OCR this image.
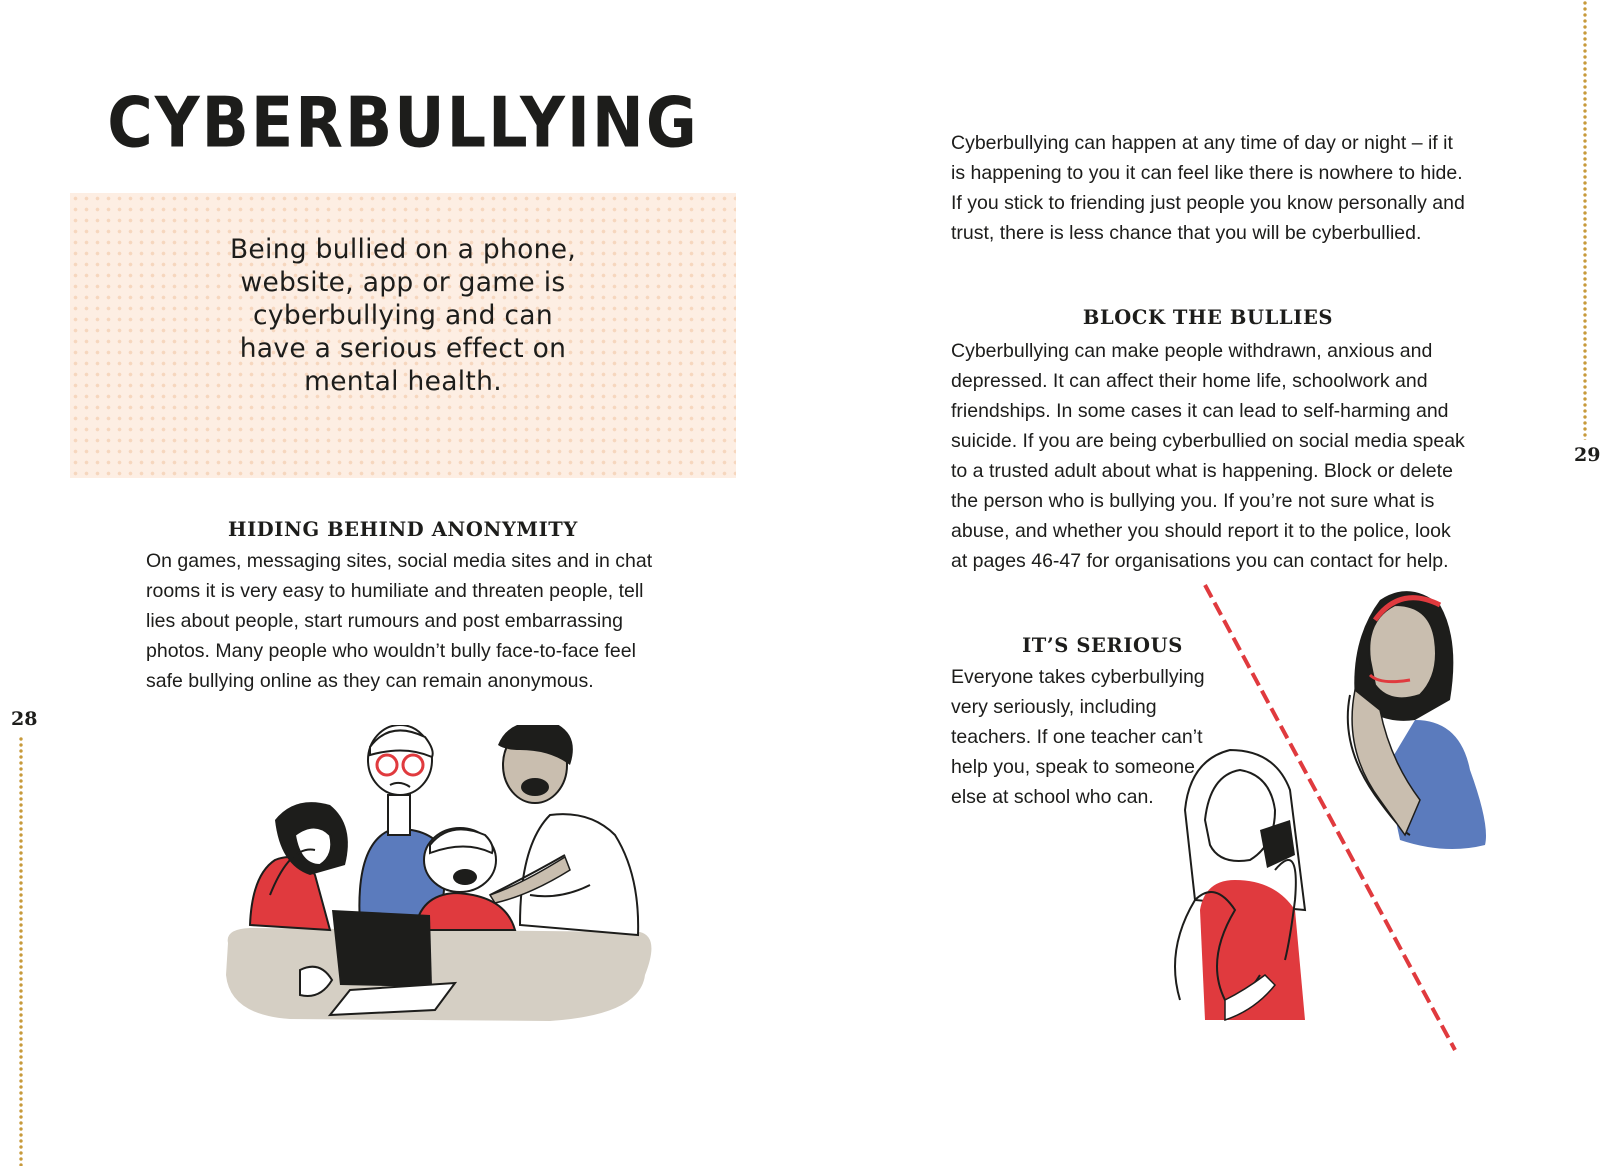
28
29
CYBERBULLYING

Being bullied on a phone, website, app or game is cyberbullying and can have a serious effect on mental health.

HIDING BEHIND ANONYMITY

On games, messaging sites, social media sites and in chat rooms it is very easy to humiliate and threaten people, tell lies about people, start rumours and post embarrassing photos. Many people who wouldn’t bully face-to-face feel safe bullying online as they can remain anonymous.

Cyberbullying can happen at any time of day or night – if it is happening to you it can feel like there is nowhere to hide. If you stick to friending just people you know personally and trust, there is less chance that you will be cyberbullied.

BLOCK THE BULLIES

Cyberbullying can make people withdrawn, anxious and depressed. It can affect their home life, schoolwork and friendships. In some cases it can lead to self-harming and suicide. If you are being cyberbullied on social media speak to a trusted adult about what is happening. Block or delete the person who is bullying you. If you’re not sure what is abuse, and whether you should report it to the police, look at pages 46-47 for organisations you can contact for help.

IT’S SERIOUS

Everyone takes cyberbullying very seriously, including teachers. If one teacher can’t help you, speak to someone else at school who can.
